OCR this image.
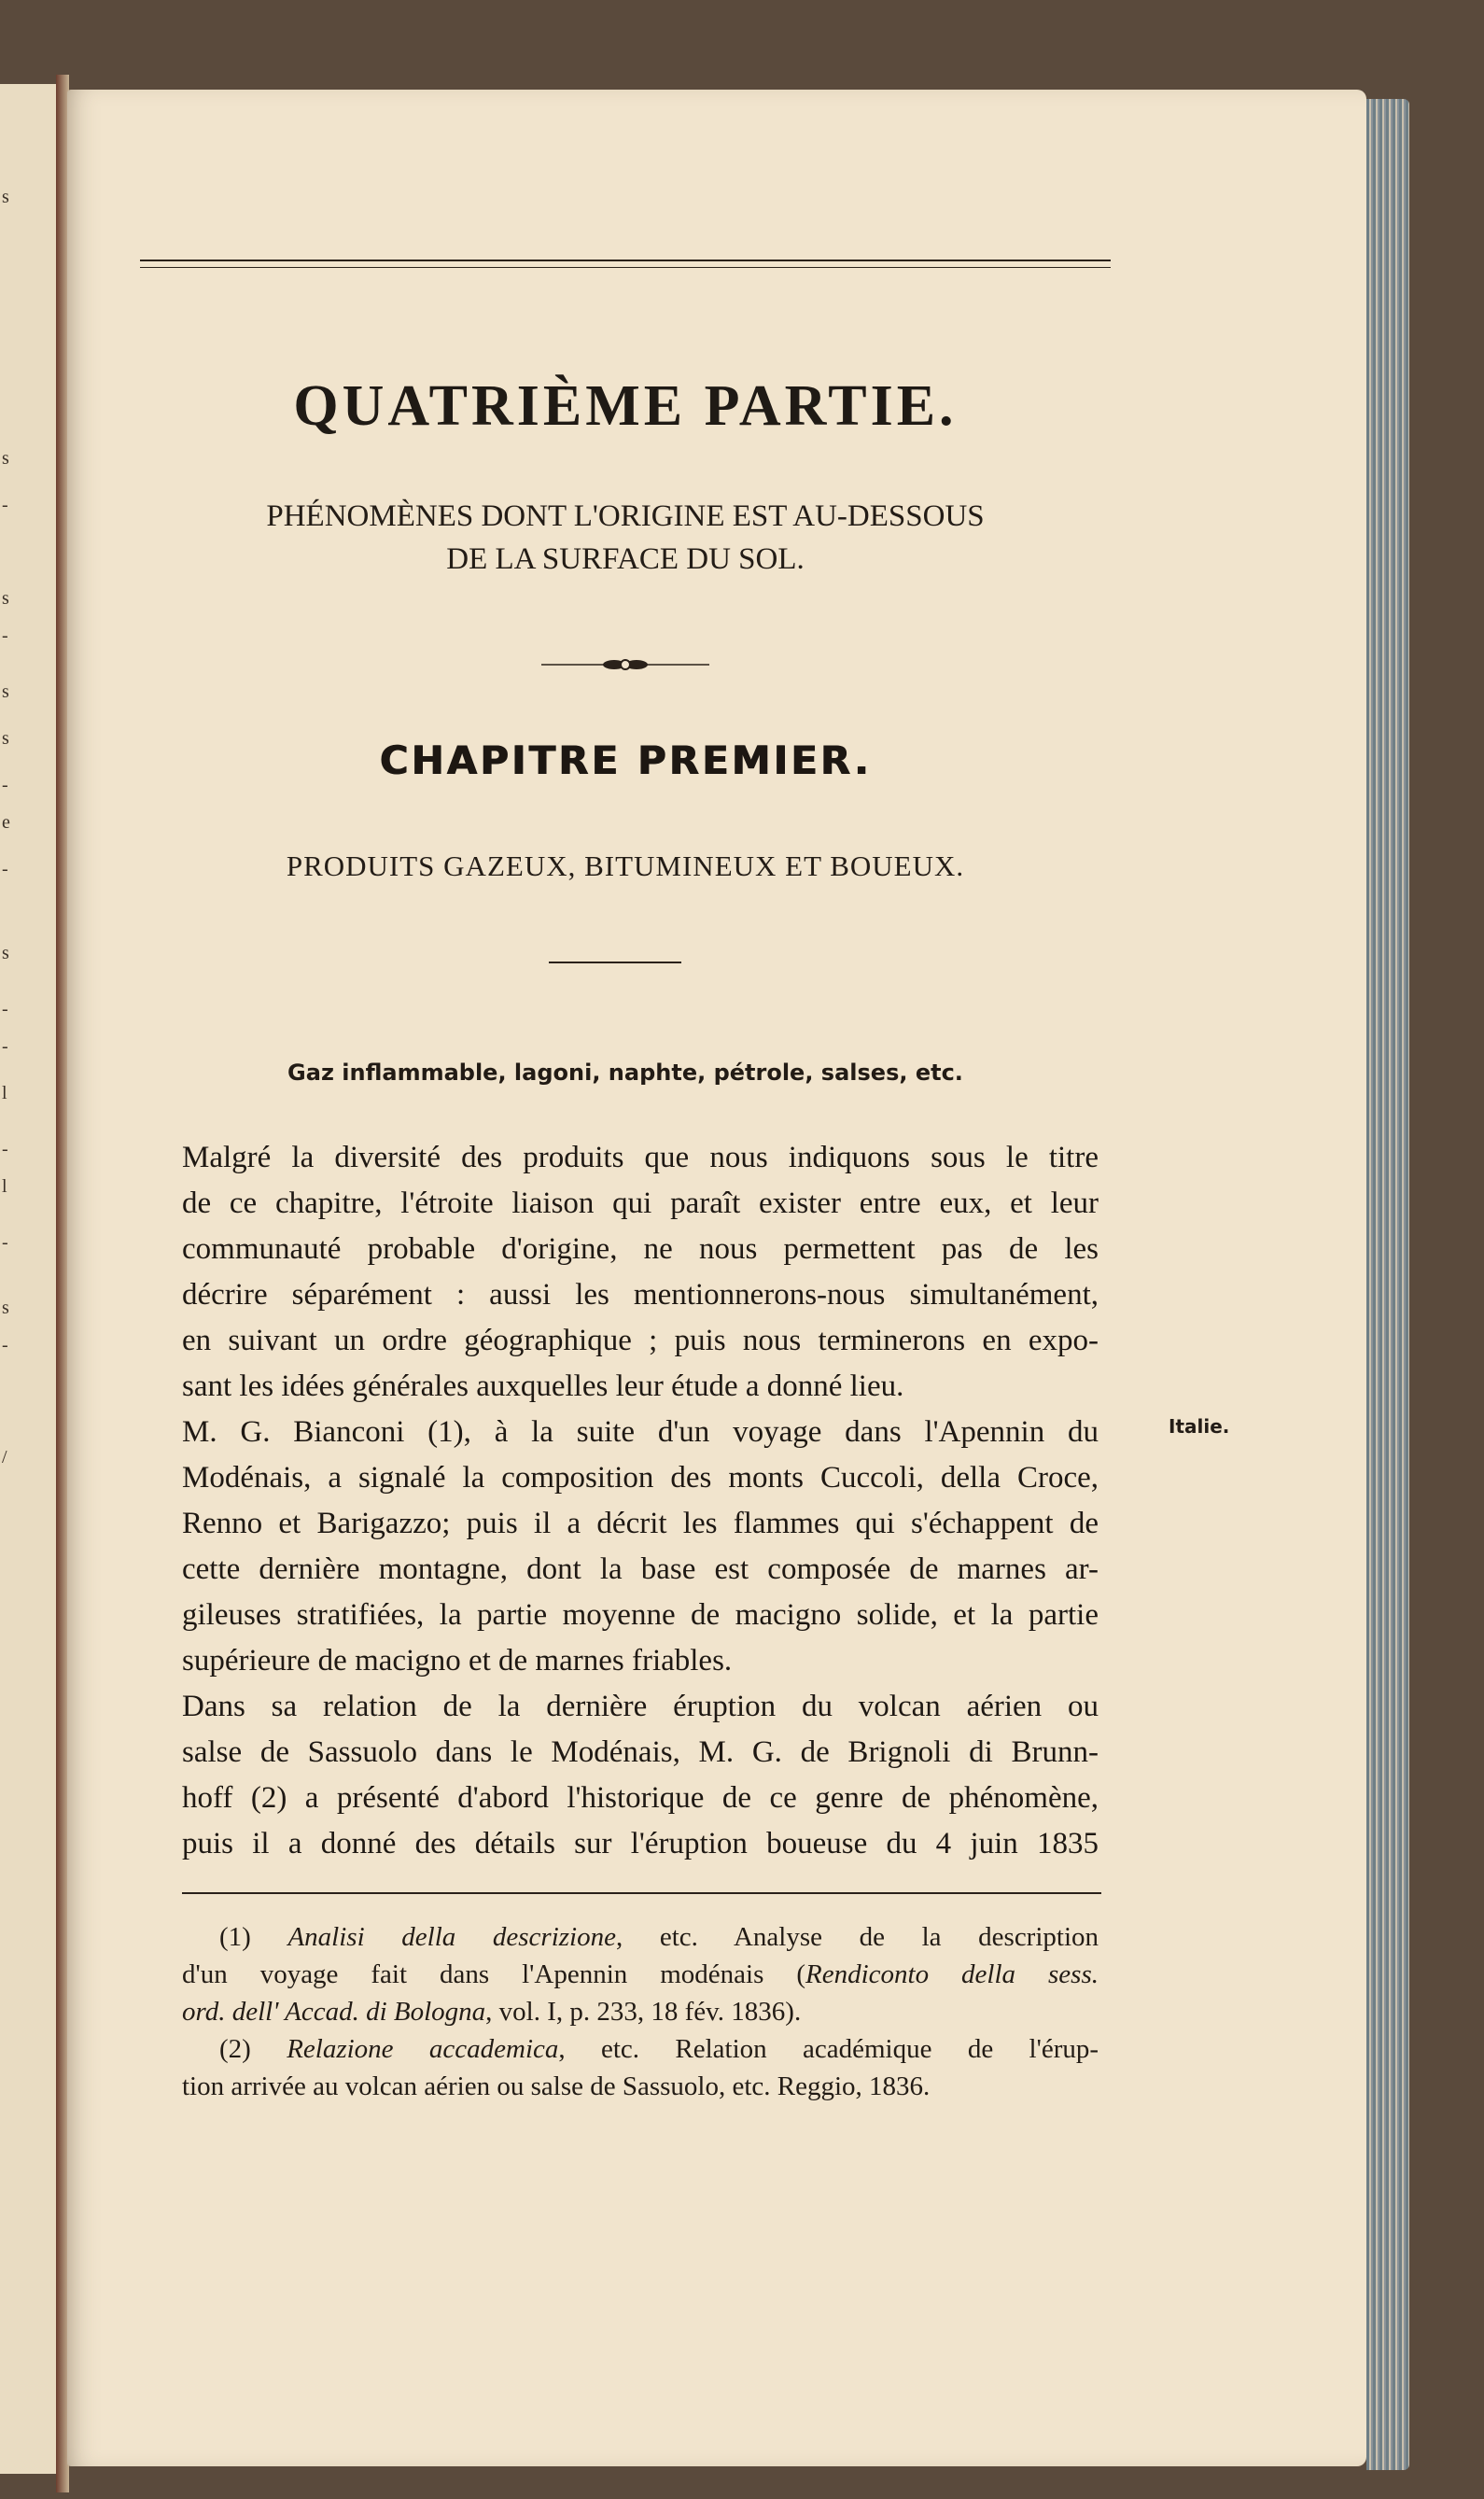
s
s
-
s
-
s
s
-
e
-
s
-
-
l
-
l
-
s
-
/
QUATRIÈME PARTIE.
PHÉNOMÈNES DONT L'ORIGINE EST AU-DESSOUS
DE LA SURFACE DU SOL.
CHAPITRE PREMIER.
PRODUITS GAZEUX, BITUMINEUX ET BOUEUX.
Gaz inflammable, lagoni, naphte, pétrole, salses, etc.
Malgré la diversité des produits que nous indiquons sous le titre
de ce chapitre, l'étroite liaison qui paraît exister entre eux, et leur
communauté probable d'origine, ne nous permettent pas de les
décrire séparément : aussi les mentionnerons-nous simultanément,
en suivant un ordre géographique ; puis nous terminerons en expo-
sant les idées générales auxquelles leur étude a donné lieu.
M. G. Bianconi (1), à la suite d'un voyage dans l'Apennin du
Modénais, a signalé la composition des monts Cuccoli, della Croce,
Renno et Barigazzo; puis il a décrit les flammes qui s'échappent de
cette dernière montagne, dont la base est composée de marnes ar-
gileuses stratifiées, la partie moyenne de macigno solide, et la partie
supérieure de macigno et de marnes friables.
Italie.
Dans sa relation de la dernière éruption du volcan aérien ou
salse de Sassuolo dans le Modénais, M. G. de Brignoli di Brunn-
hoff (2) a présenté d'abord l'historique de ce genre de phénomène,
puis il a donné des détails sur l'éruption boueuse du 4 juin 1835
(1) Analisi della descrizione, etc. Analyse de la description
d'un voyage fait dans l'Apennin modénais (Rendiconto della sess.
ord. dell' Accad. di Bologna, vol. I, p. 233, 18 fév. 1836).
(2) Relazione accademica, etc. Relation académique de l'érup-
tion arrivée au volcan aérien ou salse de Sassuolo, etc. Reggio, 1836.
